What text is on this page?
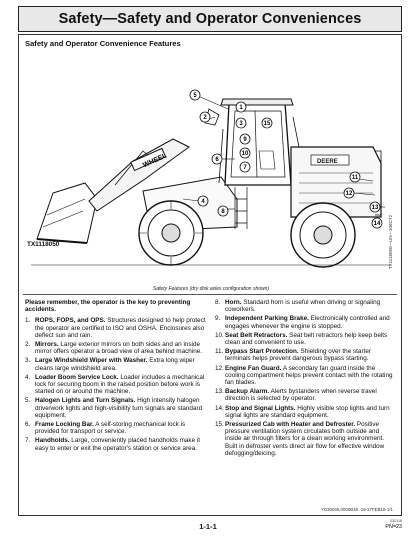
Safety—Safety and Operator Conveniences
Safety and Operator Convenience Features
WHEEL	DEERE
5
2
3
1
15
9
10
7
6
4
8
11
12
13
14
TX1118050	TX1118050—UN—106CT2
Safety Features (dry disk axles configuration shown)
Please remember, the operator is the key to preventing accidents.
1. ROPS, FOPS, and OPS. Structures designed to help protect the operator are certified to ISO and OSHA. Enclosures also deflect sun and rain.
2. Mirrors. Large exterior mirrors on both sides and an inside mirror offers operator a broad view of area behind machine.
3. Large Windshield Wiper with Washer. Extra long wiper cleans large windshield area.
4. Loader Boom Service Lock. Loader includes a mechanical lock for securing boom in the raised position before work is started on or around the machine.
5. Halogen Lights and Turn Signals. High intensity halogen drive/work lights and high-visibility turn signals are standard equipment.
6. Frame Locking Bar. A self-storing mechanical lock is provided for transport or service.
7. Handholds. Large, conveniently placed handholds make it easy to enter or exit the operator's station or service area.
8. Horn. Standard horn is useful when driving or signaling coworkers.
9. Independent Parking Brake. Electronically controlled and engages whenever the engine is stopped.
10. Seat Belt Retractors. Seat belt retractors help keep belts clean and convenient to use.
11. Bypass Start Protection. Shielding over the starter terminals helps prevent dangerous bypass starting.
12. Engine Fan Guard. A secondary fan guard inside the cooling compartment helps prevent contact with the rotating fan blades.
13. Backup Alarm. Alerts bystanders when reverse travel direction is selected by operator.
14. Stop and Signal Lights. Highly visible stop lights and turn signal lights are standard equipment.
15. Pressurized Cab with Heater and Defroster. Positive pressure ventilation system circulates both outside and inside air through filters for a clean working environment. Built in defroster vents direct air flow for effective window defogging/deicing.
YD30046,0000B46 -19-17FEB16-1/1
1-1-1
030116
PN=23
